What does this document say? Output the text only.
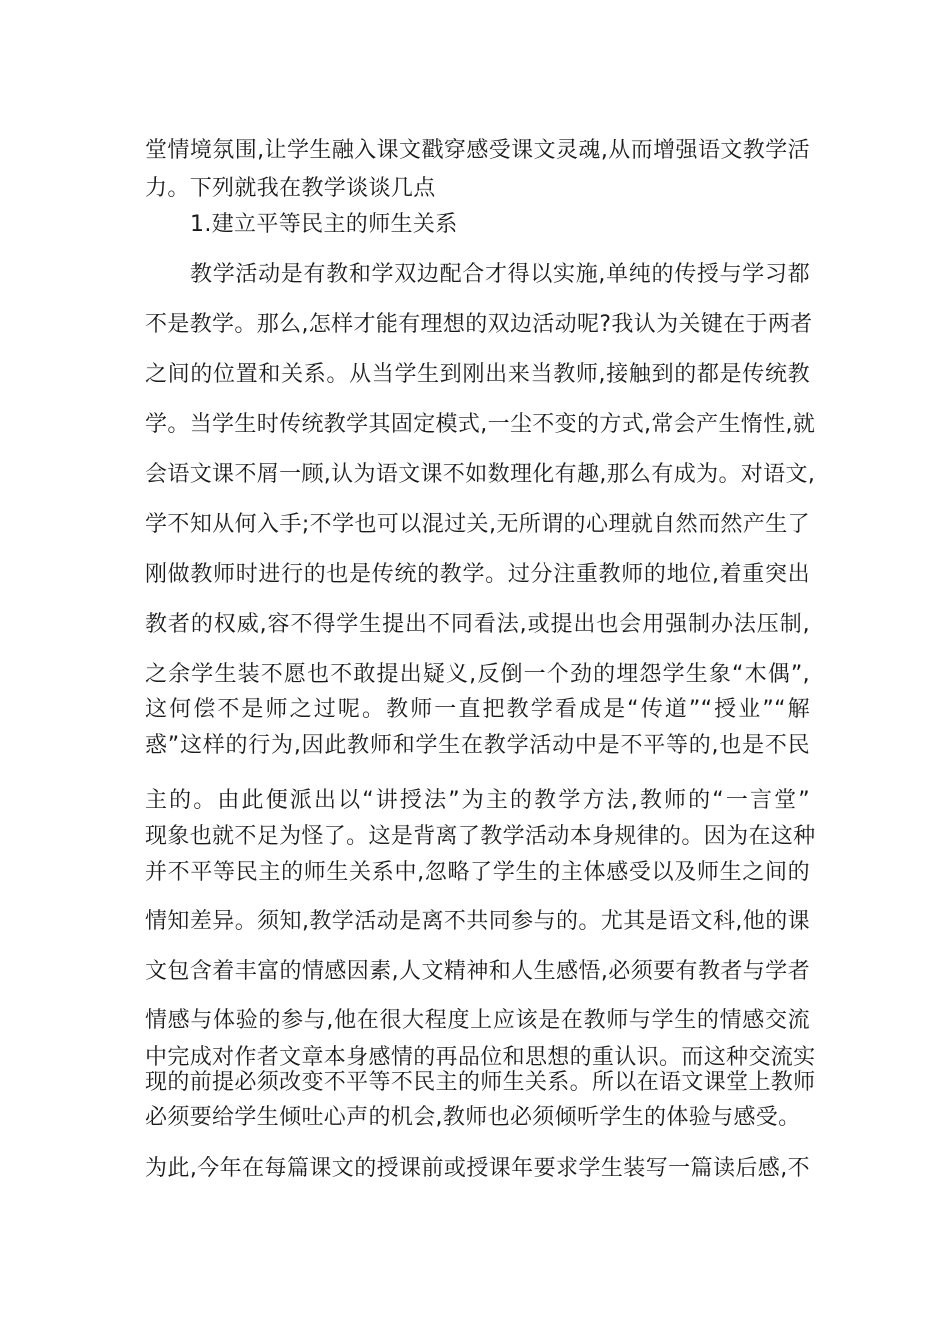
堂情境氛围,让学生融入课文戳穿感受课文灵魂,从而增强语文教学活
力。下列就我在教学谈谈几点
1.建立平等民主的师生关系
教学活动是有教和学双边配合才得以实施,单纯的传授与学习都
不是教学。那么,怎样才能有理想的双边活动呢?我认为关键在于两者
之间的位置和关系。从当学生到刚出来当教师,接触到的都是传统教
学。当学生时传统教学其固定模式,一尘不变的方式,常会产生惰性,就
会语文课不屑一顾,认为语文课不如数理化有趣,那么有成为。对语文,
学不知从何入手;不学也可以混过关,无所谓的心理就自然而然产生了
刚做教师时进行的也是传统的教学。过分注重教师的地位,着重突出
教者的权威,容不得学生提出不同看法,或提出也会用强制办法压制,
之余学生装不愿也不敢提出疑义,反倒一个劲的埋怨学生象“木偶”,
这何偿不是师之过呢。教师一直把教学看成是“传道”“授业”“解
惑”这样的行为,因此教师和学生在教学活动中是不平等的,也是不民
主的。由此便派出以“讲授法”为主的教学方法,教师的“一言堂”
现象也就不足为怪了。这是背离了教学活动本身规律的。因为在这种
并不平等民主的师生关系中,忽略了学生的主体感受以及师生之间的
情知差异。须知,教学活动是离不共同参与的。尤其是语文科,他的课
文包含着丰富的情感因素,人文精神和人生感悟,必须要有教者与学者
情感与体验的参与,他在很大程度上应该是在教师与学生的情感交流
中完成对作者文章本身感情的再品位和思想的重认识。而这种交流实
现的前提必须改变不平等不民主的师生关系。所以在语文课堂上教师
必须要给学生倾吐心声的机会,教师也必须倾听学生的体验与感受。
为此,今年在每篇课文的授课前或授课年要求学生装写一篇读后感,不
